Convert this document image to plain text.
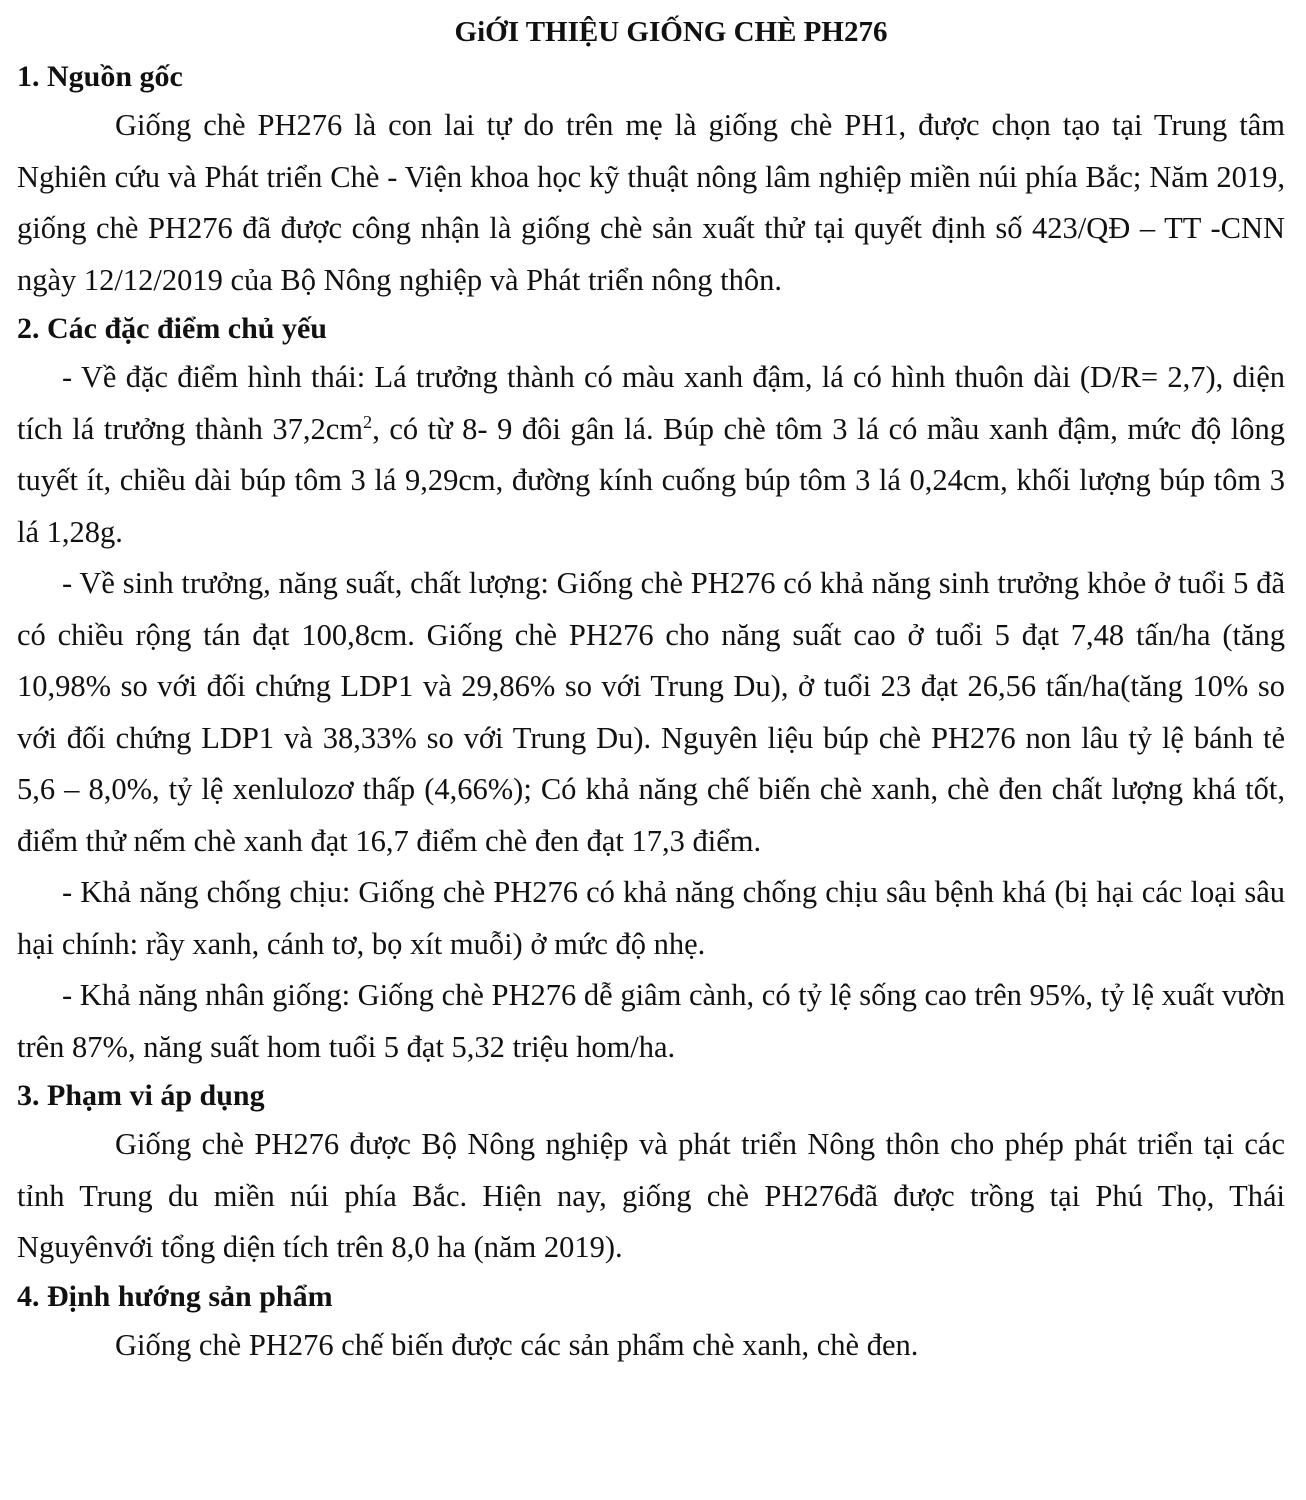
GiỚI THIỆU GIỐNG CHÈ PH276
1. Nguồn gốc

Giống chè PH276 là con lai tự do trên mẹ là giống chè PH1, được chọn tạo tại Trung tâm Nghiên cứu và Phát triển Chè - Viện khoa học kỹ thuật nông lâm nghiệp miền núi phía Bắc; Năm 2019, giống chè PH276 đã được công nhận là giống chè sản xuất thử tại quyết định số 423/QĐ – TT -CNN ngày 12/12/2019 của Bộ Nông nghiệp và Phát triển nông thôn.

2. Các đặc điểm chủ yếu

- Về đặc điểm hình thái: Lá trưởng thành có màu xanh đậm, lá có hình thuôn dài (D/R= 2,7), diện tích lá trưởng thành $37,2cm^2$, có từ 8- 9 đôi gân lá. Búp chè tôm 3 lá có mầu xanh đậm, mức độ lông tuyết ít, chiều dài búp tôm 3 lá 9,29cm, đường kính cuống búp tôm 3 lá 0,24cm, khối lượng búp tôm 3 lá 1,28g.

- Về sinh trưởng, năng suất, chất lượng: Giống chè PH276 có khả năng sinh trưởng khỏe ở tuổi 5 đã có chiều rộng tán đạt 100,8cm. Giống chè PH276 cho năng suất cao ở tuổi 5 đạt 7,48 tấn/ha (tăng 10,98% so với đối chứng LDP1 và 29,86% so với Trung Du), ở tuổi 23 đạt 26,56 tấn/ha(tăng 10% so với đối chứng LDP1 và 38,33% so với Trung Du). Nguyên liệu búp chè PH276 non lâu tỷ lệ bánh tẻ 5,6 – 8,0%, tỷ lệ xenlulozơ thấp (4,66%); Có khả năng chế biến chè xanh, chè đen chất lượng khá tốt, điểm thử nếm chè xanh đạt 16,7 điểm chè đen đạt 17,3 điểm.

- Khả năng chống chịu: Giống chè PH276 có khả năng chống chịu sâu bệnh khá (bị hại các loại sâu hại chính: rầy xanh, cánh tơ, bọ xít muỗi) ở mức độ nhẹ.

- Khả năng nhân giống: Giống chè PH276 dễ giâm cành, có tỷ lệ sống cao trên 95%, tỷ lệ xuất vườn trên 87%, năng suất hom tuổi 5 đạt 5,32 triệu hom/ha.

3. Phạm vi áp dụng

Giống chè PH276 được Bộ Nông nghiệp và phát triển Nông thôn cho phép phát triển tại các tỉnh Trung du miền núi phía Bắc. Hiện nay, giống chè PH276đã được trồng tại Phú Thọ, Thái Nguyênvới tổng diện tích trên 8,0 ha (năm 2019).

4. Định hướng sản phẩm

Giống chè PH276 chế biến được các sản phẩm chè xanh, chè đen.
